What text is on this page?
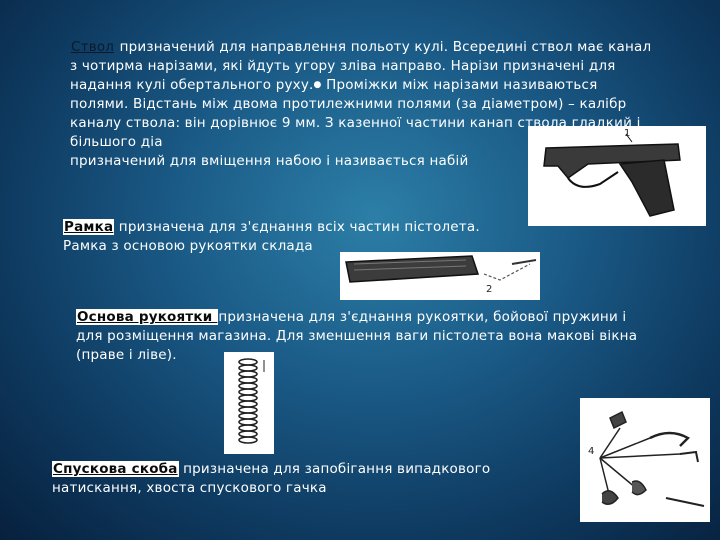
1
2
4
Ствол призначений для направлення польоту кулі. Всередині ствол має канал з чотирма нарізами, які йдуть угору зліва направо. Нарізи призначені для надання кулі обертального руху.● Проміжки між нарізами називаються полями. Відстань між двома протилежними полями (за діаметром) – калібр каналу ствола: він дорівнює 9 мм. З казенної частини канап ствола гладкий і більшого діа
призначений для вміщення набою і називається набій
Рамка призначена для з'єднання всіх частин пістолета.
Рамка з основою рукоятки склада
Основа рукоятки призначена для з'єднання рукоятки, бойової пружини і для розміщення магазина. Для зменшення ваги пістолета вона макові вікна (праве і ліве).
Спускова скоба призначена для запобігання випадкового натискання, хвоста спускового гачка
